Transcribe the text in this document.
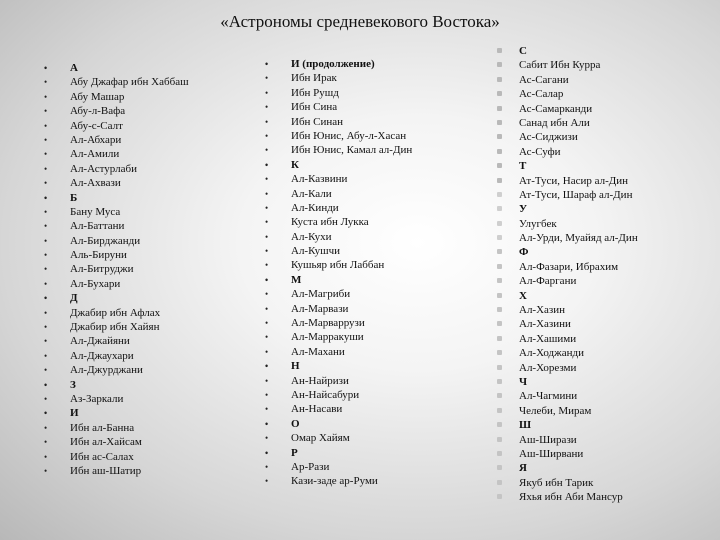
«Астрономы средневекового Востока»
• А
• Абу Джафар ибн Хаббаш
• Абу Машар
• Абу-л-Вафа
• Абу-с-Салт
• Ал-Абхари
• Ал-Амили
• Ал-Астурлаби
• Ал-Ахвази
• Б
• Бану Муса
• Ал-Баттани
• Ал-Бирджанди
• Аль-Бируни
• Ал-Битруджи
• Ал-Бухари
• Д
• Джабир ибн Афлах
• Джабир ибн Хайян
• Ал-Джайяни
• Ал-Джаухари
• Ал-Джурджани
• З
• Аз-Заркали
• И
• Ибн ал-Банна
• Ибн ал-Хайсам
• Ибн ас-Салах
• Ибн аш-Шатир
• И (продолжение)
• Ибн Ирак
• Ибн Рушд
• Ибн Сина
• Ибн Синан
• Ибн Юнис, Абу-л-Хасан
• Ибн Юнис, Камал ал-Дин
• К
• Ал-Казвини
• Ал-Кали
• Ал-Кинди
• Куста ибн Лукка
• Ал-Кухи
• Ал-Кушчи
• Кушьяр ибн Лаббан
• М
• Ал-Магриби
• Ал-Марвази
• Ал-Марваррузи
• Ал-Марракуши
• Ал-Махани
• Н
• Ан-Найризи
• Ан-Найсабури
• Ан-Насави
• О
• Омар Хайям
• Р
• Ар-Рази
• Кази-заде ар-Руми
С
Сабит Ибн Курра
Ас-Сагани
Ас-Салар
Ас-Самарканди
Санад ибн Али
Ас-Сиджизи
Ас-Суфи
Т
Ат-Туси, Насир ал-Дин
Ат-Туси, Шараф ал-Дин
У
Улугбек
Ал-Урди, Муайяд ал-Дин
Ф
Ал-Фазари, Ибрахим
Ал-Фаргани
Х
Ал-Хазин
Ал-Хазини
Ал-Хашими
Ал-Ходжанди
Ал-Хорезми
Ч
Ал-Чагмини
Челеби, Мирам
Ш
Аш-Ширази
Аш-Ширвани
Я
Якуб ибн Тарик
Яхья ибн Аби Мансур
